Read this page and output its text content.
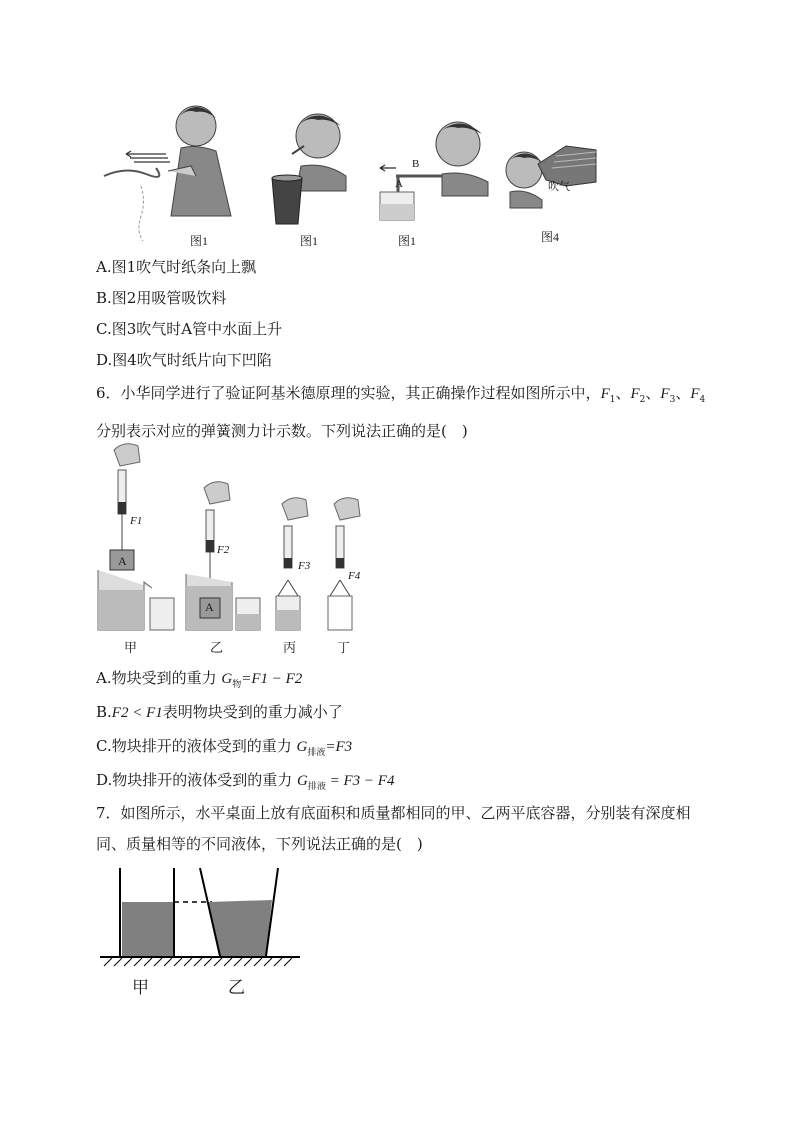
B
A	吹气
图1	图1	图1	图4
A.图1吹气时纸条向上飘
B.图2用吸管吸饮料
C.图3吹气时A管中水面上升
D.图4吹气时纸片向下凹陷
6．小华同学进行了验证阿基米德原理的实验，其正确操作过程如图所示中，$F_1$、$F_2$、$F_3$、$F_4$分别表示对应的弹簧测力计示数。下列说法正确的是(　)
A
A
F1
F2
F3
F4
甲	乙	丙	丁
A.物块受到的重力 $G_物=F1 - F2$
B.F2 < F1表明物块受到的重力减小了
C.物块排开的液体受到的重力 $G_{排液}=F3$
D.物块排开的液体受到的重力 $G_{排液} = F3 - F4$
7．如图所示，水平桌面上放有底面积和质量都相同的甲、乙两平底容器，分别装有深度相同、质量相等的不同液体，下列说法正确的是(　)
甲	乙
